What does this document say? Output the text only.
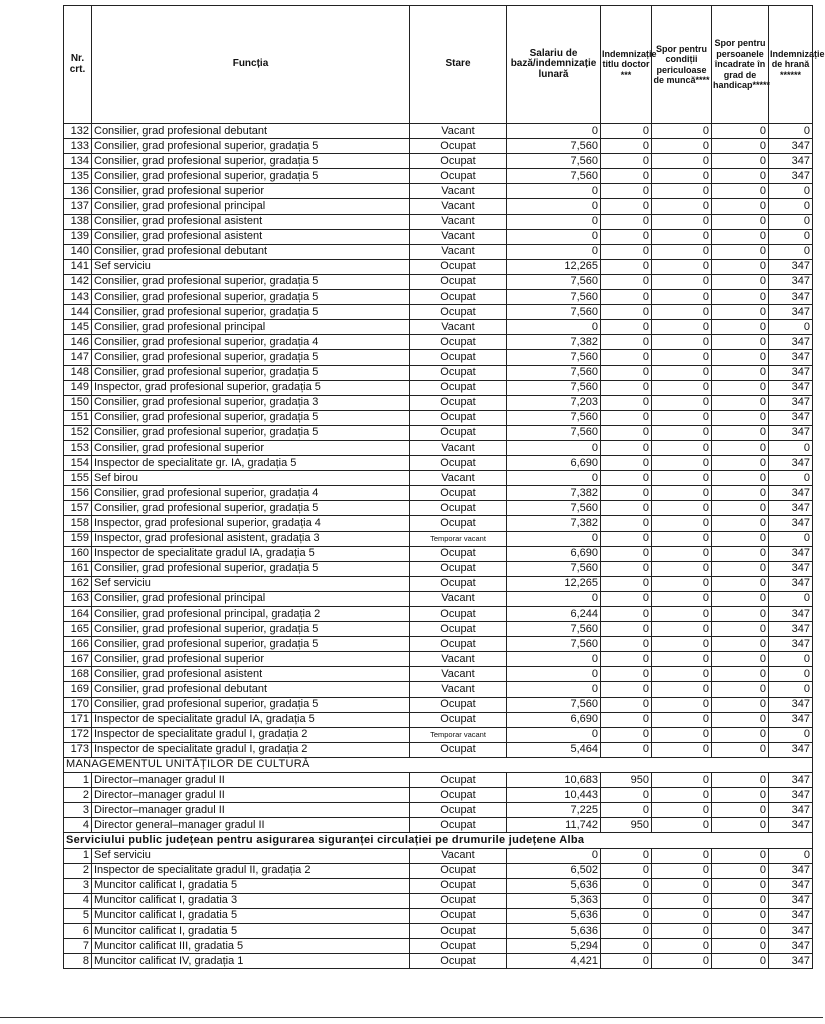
Nr. crt.	Funcția	Stare	Salariu de bază/indemnizație lunară	Indemnizație titlu doctor ***	Spor pentru condiții periculoase de muncă****	Spor pentru persoanele încadrate în grad de handicap*****	Indemnizație de hrană ******
132	Consilier, grad profesional debutant	Vacant	0	0	0	0	0
133	Consilier, grad profesional superior, gradația 5	Ocupat	7,560	0	0	0	347
134	Consilier, grad profesional superior, gradația 5	Ocupat	7,560	0	0	0	347
135	Consilier, grad profesional superior, gradația 5	Ocupat	7,560	0	0	0	347
136	Consilier, grad profesional superior	Vacant	0	0	0	0	0
137	Consilier, grad profesional principal	Vacant	0	0	0	0	0
138	Consilier, grad profesional asistent	Vacant	0	0	0	0	0
139	Consilier, grad profesional asistent	Vacant	0	0	0	0	0
140	Consilier, grad profesional debutant	Vacant	0	0	0	0	0
141	Sef serviciu	Ocupat	12,265	0	0	0	347
142	Consilier, grad profesional superior, gradația 5	Ocupat	7,560	0	0	0	347
143	Consilier, grad profesional superior, gradația 5	Ocupat	7,560	0	0	0	347
144	Consilier, grad profesional superior, gradația 5	Ocupat	7,560	0	0	0	347
145	Consilier, grad profesional principal	Vacant	0	0	0	0	0
146	Consilier, grad profesional superior, gradația 4	Ocupat	7,382	0	0	0	347
147	Consilier, grad profesional superior, gradația 5	Ocupat	7,560	0	0	0	347
148	Consilier, grad profesional superior, gradația 5	Ocupat	7,560	0	0	0	347
149	Inspector, grad profesional superior, gradația 5	Ocupat	7,560	0	0	0	347
150	Consilier, grad profesional superior, gradația 3	Ocupat	7,203	0	0	0	347
151	Consilier, grad profesional superior, gradația 5	Ocupat	7,560	0	0	0	347
152	Consilier, grad profesional superior, gradația 5	Ocupat	7,560	0	0	0	347
153	Consilier, grad profesional superior	Vacant	0	0	0	0	0
154	Inspector de specialitate gr. IA, gradația 5	Ocupat	6,690	0	0	0	347
155	Sef birou	Vacant	0	0	0	0	0
156	Consilier, grad profesional superior, gradația 4	Ocupat	7,382	0	0	0	347
157	Consilier, grad profesional superior, gradația 5	Ocupat	7,560	0	0	0	347
158	Inspector, grad profesional superior, gradația 4	Ocupat	7,382	0	0	0	347
159	Inspector, grad profesional asistent, gradația 3	Temporar vacant	0	0	0	0	0
160	Inspector de specialitate gradul IA, gradația 5	Ocupat	6,690	0	0	0	347
161	Consilier, grad profesional superior, gradația 5	Ocupat	7,560	0	0	0	347
162	Sef serviciu	Ocupat	12,265	0	0	0	347
163	Consilier, grad profesional principal	Vacant	0	0	0	0	0
164	Consilier, grad profesional principal, gradația 2	Ocupat	6,244	0	0	0	347
165	Consilier, grad profesional superior, gradația 5	Ocupat	7,560	0	0	0	347
166	Consilier, grad profesional superior, gradația 5	Ocupat	7,560	0	0	0	347
167	Consilier, grad profesional superior	Vacant	0	0	0	0	0
168	Consilier, grad profesional asistent	Vacant	0	0	0	0	0
169	Consilier, grad profesional debutant	Vacant	0	0	0	0	0
170	Consilier, grad profesional superior, gradația 5	Ocupat	7,560	0	0	0	347
171	Inspector de specialitate gradul IA, gradația 5	Ocupat	6,690	0	0	0	347
172	Inspector de specialitate gradul I, gradația 2	Temporar vacant	0	0	0	0	0
173	Inspector de specialitate gradul I, gradația 2	Ocupat	5,464	0	0	0	347
MANAGEMENTUL UNITĂȚILOR DE CULTURĂ							
1	Director–manager gradul II	Ocupat	10,683	950	0	0	347
2	Director–manager gradul II	Ocupat	10,443	0	0	0	347
3	Director–manager gradul II	Ocupat	7,225	0	0	0	347
4	Director general–manager gradul II	Ocupat	11,742	950	0	0	347
Serviciului public județean pentru asigurarea siguranței circulației pe drumurile județene Alba							
1	Sef serviciu	Vacant	0	0	0	0	0
2	Inspector de specialitate gradul II, gradația 2	Ocupat	6,502	0	0	0	347
3	Muncitor calificat I, gradatia 5	Ocupat	5,636	0	0	0	347
4	Muncitor calificat I, gradatia 3	Ocupat	5,363	0	0	0	347
5	Muncitor calificat I, gradatia 5	Ocupat	5,636	0	0	0	347
6	Muncitor calificat I, gradatia 5	Ocupat	5,636	0	0	0	347
7	Muncitor calificat III, gradatia 5	Ocupat	5,294	0	0	0	347
8	Muncitor calificat IV, gradația 1	Ocupat	4,421	0	0	0	347
